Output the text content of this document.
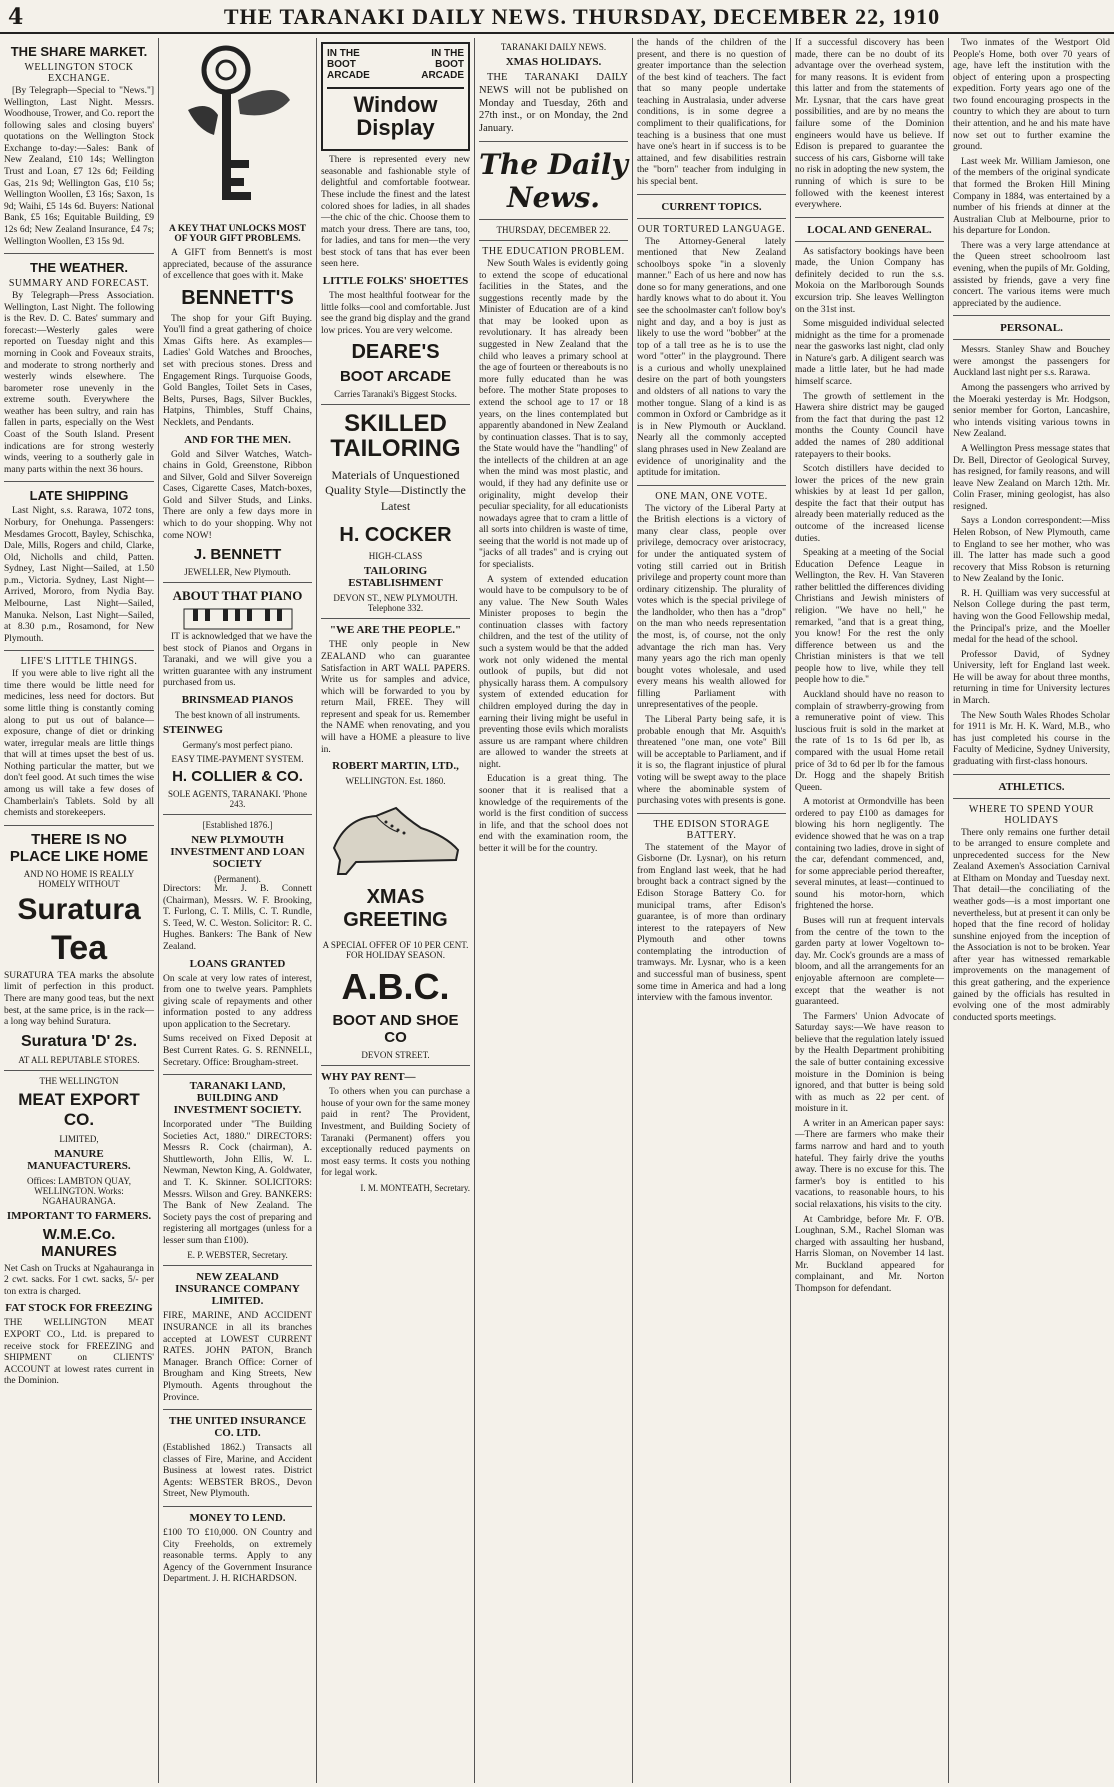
4	THE TARANAKI DAILY NEWS. THURSDAY, DECEMBER 22, 1910
THE SHARE MARKET.
WELLINGTON STOCK EXCHANGE.

[By Telegraph—Special to "News."] Wellington, Last Night. Messrs. Woodhouse, Trower, and Co. report the following sales and closing buyers' quotations on the Wellington Stock Exchange to-day:—Sales: Bank of New Zealand, £10 14s; Wellington Trust and Loan, £7 12s 6d; Feilding Gas, 21s 9d; Wellington Gas, £10 5s; Wellington Woollen, £3 16s; Saxon, 1s 9d; Waihi, £5 14s 6d. Buyers: National Bank, £5 16s; Equitable Building, £9 12s 6d; New Zealand Insurance, £4 7s; Wellington Woollen, £3 15s 9d.

THE WEATHER.
SUMMARY AND FORECAST.

By Telegraph—Press Association. Wellington, Last Night. The following is the Rev. D. C. Bates' summary and forecast:—Westerly gales were reported on Tuesday night and this morning in Cook and Foveaux straits, and moderate to strong northerly and westerly winds elsewhere. The barometer rose unevenly in the extreme south. Everywhere the weather has been sultry, and rain has fallen in parts, especially on the West Coast of the South Island. Present indications are for strong westerly winds, veering to a southerly gale in many parts within the next 36 hours.

LATE SHIPPING

Last Night, s.s. Rarawa, 1072 tons, Norbury, for Onehunga. Passengers: Mesdames Grocott, Bayley, Schischka, Dale, Mills, Rogers and child, Clarke, Old, Nicholls and child, Patten. Sydney, Last Night—Sailed, at 1.50 p.m., Victoria. Sydney, Last Night—Arrived, Mororo, from Nydia Bay. Melbourne, Last Night—Sailed, Manuka. Nelson, Last Night—Sailed, at 8.30 p.m., Rosamond, for New Plymouth.

LIFE'S LITTLE THINGS.

If you were able to live right all the time there would be little need for medicines, less need for doctors. But some little thing is constantly coming along to put us out of balance—exposure, change of diet or drinking water, irregular meals are little things that will at times upset the best of us. Nothing particular the matter, but we don't feel good. At such times the wise among us will take a few doses of Chamberlain's Tablets. Sold by all chemists and storekeepers.

THERE IS NO PLACE LIKE HOME
AND NO HOME IS REALLY HOMELY WITHOUT
Suratura
Tea

SURATURA TEA marks the absolute limit of perfection in this product. There are many good teas, but the next best, at the same price, is in the rack—a long way behind Suratura.

Suratura 'D' 2s.
AT ALL REPUTABLE STORES.
THE WELLINGTON
MEAT EXPORT CO.
LIMITED,
MANURE MANUFACTURERS.
Offices: LAMBTON QUAY, WELLINGTON. Works: NGAHAURANGA.
IMPORTANT TO FARMERS.
W.M.E.Co. MANURES

Net Cash on Trucks at Ngahauranga in 2 cwt. sacks. For 1 cwt. sacks, 5/- per ton extra is charged.

FAT STOCK FOR FREEZING

THE WELLINGTON MEAT EXPORT CO., Ltd. is prepared to receive stock for FREEZING and SHIPMENT on CLIENTS' ACCOUNT at lowest rates current in the Dominion.

A KEY THAT UNLOCKS MOST OF YOUR GIFT PROBLEMS.

A GIFT from Bennett's is most appreciated, because of the assurance of excellence that goes with it. Make

BENNETT'S

The shop for your Gift Buying. You'll find a great gathering of choice Xmas Gifts here. As examples— Ladies' Gold Watches and Brooches, set with precious stones. Dress and Engagement Rings. Turquoise Goods, Gold Bangles, Toilet Sets in Cases, Belts, Purses, Bags, Silver Buckles, Hatpins, Thimbles, Stuff Chains, Necklets, and Pendants.

AND FOR THE MEN.

Gold and Silver Watches, Watch-chains in Gold, Greenstone, Ribbon and Silver, Gold and Silver Sovereign Cases, Cigarette Cases, Match-boxes, Gold and Silver Studs, and Links. There are only a few days more in which to do your shopping. Why not come NOW!

J. BENNETT
JEWELLER, New Plymouth.
ABOUT THAT PIANO

IT is acknowledged that we have the best stock of Pianos and Organs in Taranaki, and we will give you a written guarantee with any instrument purchased from us.

BRINSMEAD PIANOS
The best known of all instruments.
STEINWEG
Germany's most perfect piano.
EASY TIME-PAYMENT SYSTEM.
H. COLLIER & CO.
SOLE AGENTS, TARANAKI. 'Phone 243.
[Established 1876.]
NEW PLYMOUTH INVESTMENT AND LOAN SOCIETY
(Permanent).

Directors: Mr. J. B. Connett (Chairman), Messrs. W. F. Brooking, T. Furlong, C. T. Mills, C. T. Rundle, S. Teed, W. C. Weston. Solicitor: R. C. Hughes. Bankers: The Bank of New Zealand.

LOANS GRANTED

On scale at very low rates of interest, from one to twelve years. Pamphlets giving scale of repayments and other information posted to any address upon application to the Secretary.

Sums received on Fixed Deposit at Best Current Rates. G. S. RENNELL, Secretary. Office: Brougham-street.

TARANAKI LAND, BUILDING AND INVESTMENT SOCIETY.

Incorporated under "The Building Societies Act, 1880." DIRECTORS: Messrs R. Cock (chairman), A. Shuttleworth, John Ellis, W. L. Newman, Newton King, A. Goldwater, and T. K. Skinner. SOLICITORS: Messrs. Wilson and Grey. BANKERS: The Bank of New Zealand. The Society pays the cost of preparing and registering all mortgages (unless for a lesser sum than £100).

E. P. WEBSTER, Secretary.
NEW ZEALAND INSURANCE COMPANY LIMITED.

FIRE, MARINE, AND ACCIDENT INSURANCE in all its branches accepted at LOWEST CURRENT RATES. JOHN PATON, Branch Manager. Branch Office: Corner of Brougham and King Streets, New Plymouth. Agents throughout the Province.

THE UNITED INSURANCE CO. LTD.

(Established 1862.) Transacts all classes of Fire, Marine, and Accident Business at lowest rates. District Agents: WEBSTER BROS., Devon Street, New Plymouth.

MONEY TO LEND.

£100 TO £10,000. ON Country and City Freeholds, on extremely reasonable terms. Apply to any Agency of the Government Insurance Department. J. H. RICHARDSON.

IN THE BOOT ARCADE
IN THE BOOT ARCADE
Window Display

There is represented every new seasonable and fashionable style of delightful and comfortable footwear. These include the finest and the latest colored shoes for ladies, in all shades—the chic of the chic. Choose them to match your dress. There are tans, too, for ladies, and tans for men—the very best stock of tans that has ever been seen here.

LITTLE FOLKS' SHOETTES

The most healthful footwear for the little folks—cool and comfortable. Just see the grand big display and the grand low prices. You are very welcome.

DEARE'S
BOOT ARCADE
Carries Taranaki's Biggest Stocks.
SKILLED TAILORING
Materials of Unquestioned Quality Style—Distinctly the Latest
H. COCKER
HIGH-CLASS
TAILORING ESTABLISHMENT
DEVON ST., NEW PLYMOUTH.
Telephone 332.
"WE ARE THE PEOPLE."

THE only people in New ZEALAND who can guarantee Satisfaction in ART WALL PAPERS. Write us for samples and advice, which will be forwarded to you by return Mail, FREE. They will represent and speak for us. Remember the NAME when renovating, and you will have a HOME a pleasure to live in.

ROBERT MARTIN, LTD.,
WELLINGTON. Est. 1860.
XMAS GREETING
A SPECIAL OFFER OF 10 PER CENT. FOR HOLIDAY SEASON.
A.B.C.
BOOT AND SHOE CO
DEVON STREET.
WHY PAY RENT—

To others when you can purchase a house of your own for the same money paid in rent? The Provident, Investment, and Building Society of Taranaki (Permanent) offers you exceptionally reduced payments on most easy terms. It costs you nothing for legal work.

I. M. MONTEATH, Secretary.
TARANAKI DAILY NEWS.
XMAS HOLIDAYS.

THE TARANAKI DAILY NEWS will not be published on Monday and Tuesday, 26th and 27th inst., or on Monday, the 2nd January.

The Daily News.
THURSDAY, DECEMBER 22.
THE EDUCATION PROBLEM.

New South Wales is evidently going to extend the scope of educational facilities in the States, and the suggestions recently made by the Minister of Education are of a kind that may be looked upon as revolutionary. It has already been suggested in New Zealand that the child who leaves a primary school at the age of fourteen or thereabouts is no more fully educated than he was before. The mother State proposes to extend the school age to 17 or 18 years, on the lines contemplated but apparently abandoned in New Zealand by continuation classes. That is to say, the State would have the "handling" of the intellects of the children at an age when the mind was most plastic, and would, if they had any definite use or originality, might develop their peculiar speciality, for all educationists nowadays agree that to cram a little of all sorts into children is waste of time, seeing that the world is not made up of "jacks of all trades" and is crying out for specialists.

A system of extended education would have to be compulsory to be of any value. The New South Wales Minister proposes to begin the continuation classes with factory children, and the test of the utility of such a system would be that the added work not only widened the mental outlook of pupils, but did not physically harass them. A compulsory system of extended education for children employed during the day in earning their living might be useful in preventing those evils which moralists assure us are rampant where children are allowed to wander the streets at night.

Education is a great thing. The sooner that it is realised that a knowledge of the requirements of the world is the first condition of success in life, and that the school does not end with the examination room, the better it will be for the country.

the hands of the children of the present, and there is no question of greater importance than the selection of the best kind of teachers. The fact that so many people undertake teaching in Australasia, under adverse conditions, is in some degree a compliment to their qualifications, for teaching is a business that one must have one's heart in if success is to be attained, and few disabilities restrain the "born" teacher from indulging in his special bent.

CURRENT TOPICS.
OUR TORTURED LANGUAGE.

The Attorney-General lately mentioned that New Zealand schoolboys spoke "in a slovenly manner." Each of us here and now has done so for many generations, and one hardly knows what to do about it. You see the schoolmaster can't follow boy's night and day, and a boy is just as likely to use the word "bobber" at the top of a tall tree as he is to use the word "otter" in the playground. There is a curious and wholly unexplained desire on the part of both youngsters and oldsters of all nations to vary the mother tongue. Slang of a kind is as common in Oxford or Cambridge as it is in New Plymouth or Auckland. Nearly all the commonly accepted slang phrases used in New Zealand are evidence of unoriginality and the aptitude for imitation.

ONE MAN, ONE VOTE.

The victory of the Liberal Party at the British elections is a victory of many clear class, people over privilege, democracy over aristocracy, for under the antiquated system of voting still carried out in British privilege and property count more than ordinary citizenship. The plurality of votes which is the special privilege of the landholder, who then has a "drop" on the man who needs representation the most, is, of course, not the only advantage the rich man has. Very many years ago the rich man openly bought votes wholesale, and used every means his wealth allowed for filling Parliament with unrepresentatives of the people.

The Liberal Party being safe, it is probable enough that Mr. Asquith's threatened "one man, one vote" Bill will be acceptable to Parliament, and if it is so, the flagrant injustice of plural voting will be swept away to the place where the abominable system of purchasing votes with presents is gone.

THE EDISON STORAGE BATTERY.

The statement of the Mayor of Gisborne (Dr. Lysnar), on his return from England last week, that he had brought back a contract signed by the Edison Storage Battery Co. for municipal trams, after Edison's guarantee, is of more than ordinary interest to the ratepayers of New Plymouth and other towns contemplating the introduction of tramways. Mr. Lysnar, who is a keen and successful man of business, spent some time in America and had a long interview with the famous inventor.

If a successful discovery has been made, there can be no doubt of its advantage over the overhead system, for many reasons. It is evident from this latter and from the statements of Mr. Lysnar, that the cars have great possibilities, and are by no means the failure some of the Dominion engineers would have us believe. If Edison is prepared to guarantee the success of his cars, Gisborne will take no risk in adopting the new system, the running of which is sure to be followed with the keenest interest everywhere.

LOCAL AND GENERAL.

As satisfactory bookings have been made, the Union Company has definitely decided to run the s.s. Mokoia on the Marlborough Sounds excursion trip. She leaves Wellington on the 31st inst.

Some misguided individual selected midnight as the time for a promenade near the gasworks last night, clad only in Nature's garb. A diligent search was made a little later, but he had made himself scarce.

The growth of settlement in the Hawera shire district may be gauged from the fact that during the past 12 months the County Council have added the names of 280 additional ratepayers to their books.

Scotch distillers have decided to lower the prices of the new grain whiskies by at least 1d per gallon, despite the fact that their output has already been materially reduced as the outcome of the increased license duties.

Speaking at a meeting of the Social Education Defence League in Wellington, the Rev. H. Van Staveren rather belittled the differences dividing Christians and Jewish ministers of religion. "We have no hell," he remarked, "and that is a great thing, you know! For the rest the only difference between us and the Christian ministers is that we tell people how to live, while they tell people how to die."

Auckland should have no reason to complain of strawberry-growing from a remunerative point of view. This luscious fruit is sold in the market at the rate of 1s to 1s 6d per lb, as compared with the usual Home retail price of 3d to 6d per lb for the famous Dr. Hogg and the shapely British Queen.

A motorist at Ormondville has been ordered to pay £100 as damages for blowing his horn negligently. The evidence showed that he was on a trap containing two ladies, drove in sight of the car, defendant commenced, and, for some appreciable period thereafter, several minutes, at least—continued to sound his motor-horn, which frightened the horse.

Buses will run at frequent intervals from the centre of the town to the garden party at lower Vogeltown to-day. Mr. Cock's grounds are a mass of bloom, and all the arrangements for an enjoyable afternoon are complete—except that the weather is not guaranteed.

The Farmers' Union Advocate of Saturday says:—We have reason to believe that the regulation lately issued by the Health Department prohibiting the sale of butter containing excessive moisture in the Dominion is being ignored, and that butter is being sold with as much as 22 per cent. of moisture in it.

A writer in an American paper says:—There are farmers who make their farms narrow and hard and to youth hateful. They fairly drive the youths away. There is no excuse for this. The farmer's boy is entitled to his vacations, to reasonable hours, to his social relaxations, his visits to the city.

At Cambridge, before Mr. F. O'B. Loughnan, S.M., Rachel Sloman was charged with assaulting her husband, Harris Sloman, on November 14 last. Mr. Buckland appeared for complainant, and Mr. Norton Thompson for defendant.

Two inmates of the Westport Old People's Home, both over 70 years of age, have left the institution with the object of entering upon a prospecting expedition. Forty years ago one of the two found encouraging prospects in the country to which they are about to turn their attention, and he and his mate have now set out to further examine the ground.

Last week Mr. William Jamieson, one of the members of the original syndicate that formed the Broken Hill Mining Company in 1884, was entertained by a number of his friends at dinner at the Australian Club at Melbourne, prior to his departure for London.

There was a very large attendance at the Queen street schoolroom last evening, when the pupils of Mr. Golding, assisted by friends, gave a very fine concert. The various items were much appreciated by the audience.

PERSONAL.

Messrs. Stanley Shaw and Bouchey were amongst the passengers for Auckland last night per s.s. Rarawa.

Among the passengers who arrived by the Moeraki yesterday is Mr. Hodgson, senior member for Gorton, Lancashire, who intends visiting various towns in New Zealand.

A Wellington Press message states that Dr. Bell, Director of Geological Survey, has resigned, for family reasons, and will leave New Zealand on March 12th. Mr. Colin Fraser, mining geologist, has also resigned.

Says a London correspondent:—Miss Helen Robson, of New Plymouth, came to England to see her mother, who was ill. The latter has made such a good recovery that Miss Robson is returning to New Zealand by the Ionic.

R. H. Quilliam was very successful at Nelson College during the past term, having won the Good Fellowship medal, the Principal's prize, and the Moeller medal for the head of the school.

Professor David, of Sydney University, left for England last week. He will be away for about three months, returning in time for University lectures in March.

The New South Wales Rhodes Scholar for 1911 is Mr. H. K. Ward, M.B., who has just completed his course in the Faculty of Medicine, Sydney University, graduating with first-class honours.

ATHLETICS.
WHERE TO SPEND YOUR HOLIDAYS

There only remains one further detail to be arranged to ensure complete and unprecedented success for the New Zealand Axemen's Association Carnival at Eltham on Monday and Tuesday next. That detail—the conciliating of the weather gods—is a most important one nevertheless, but at present it can only be hoped that the fine record of holiday sunshine enjoyed from the inception of the Association is not to be broken. Year after year has witnessed remarkable improvements on the management of this great gathering, and the experience gained by the officials has resulted in evolving one of the most admirably conducted sports meetings.
